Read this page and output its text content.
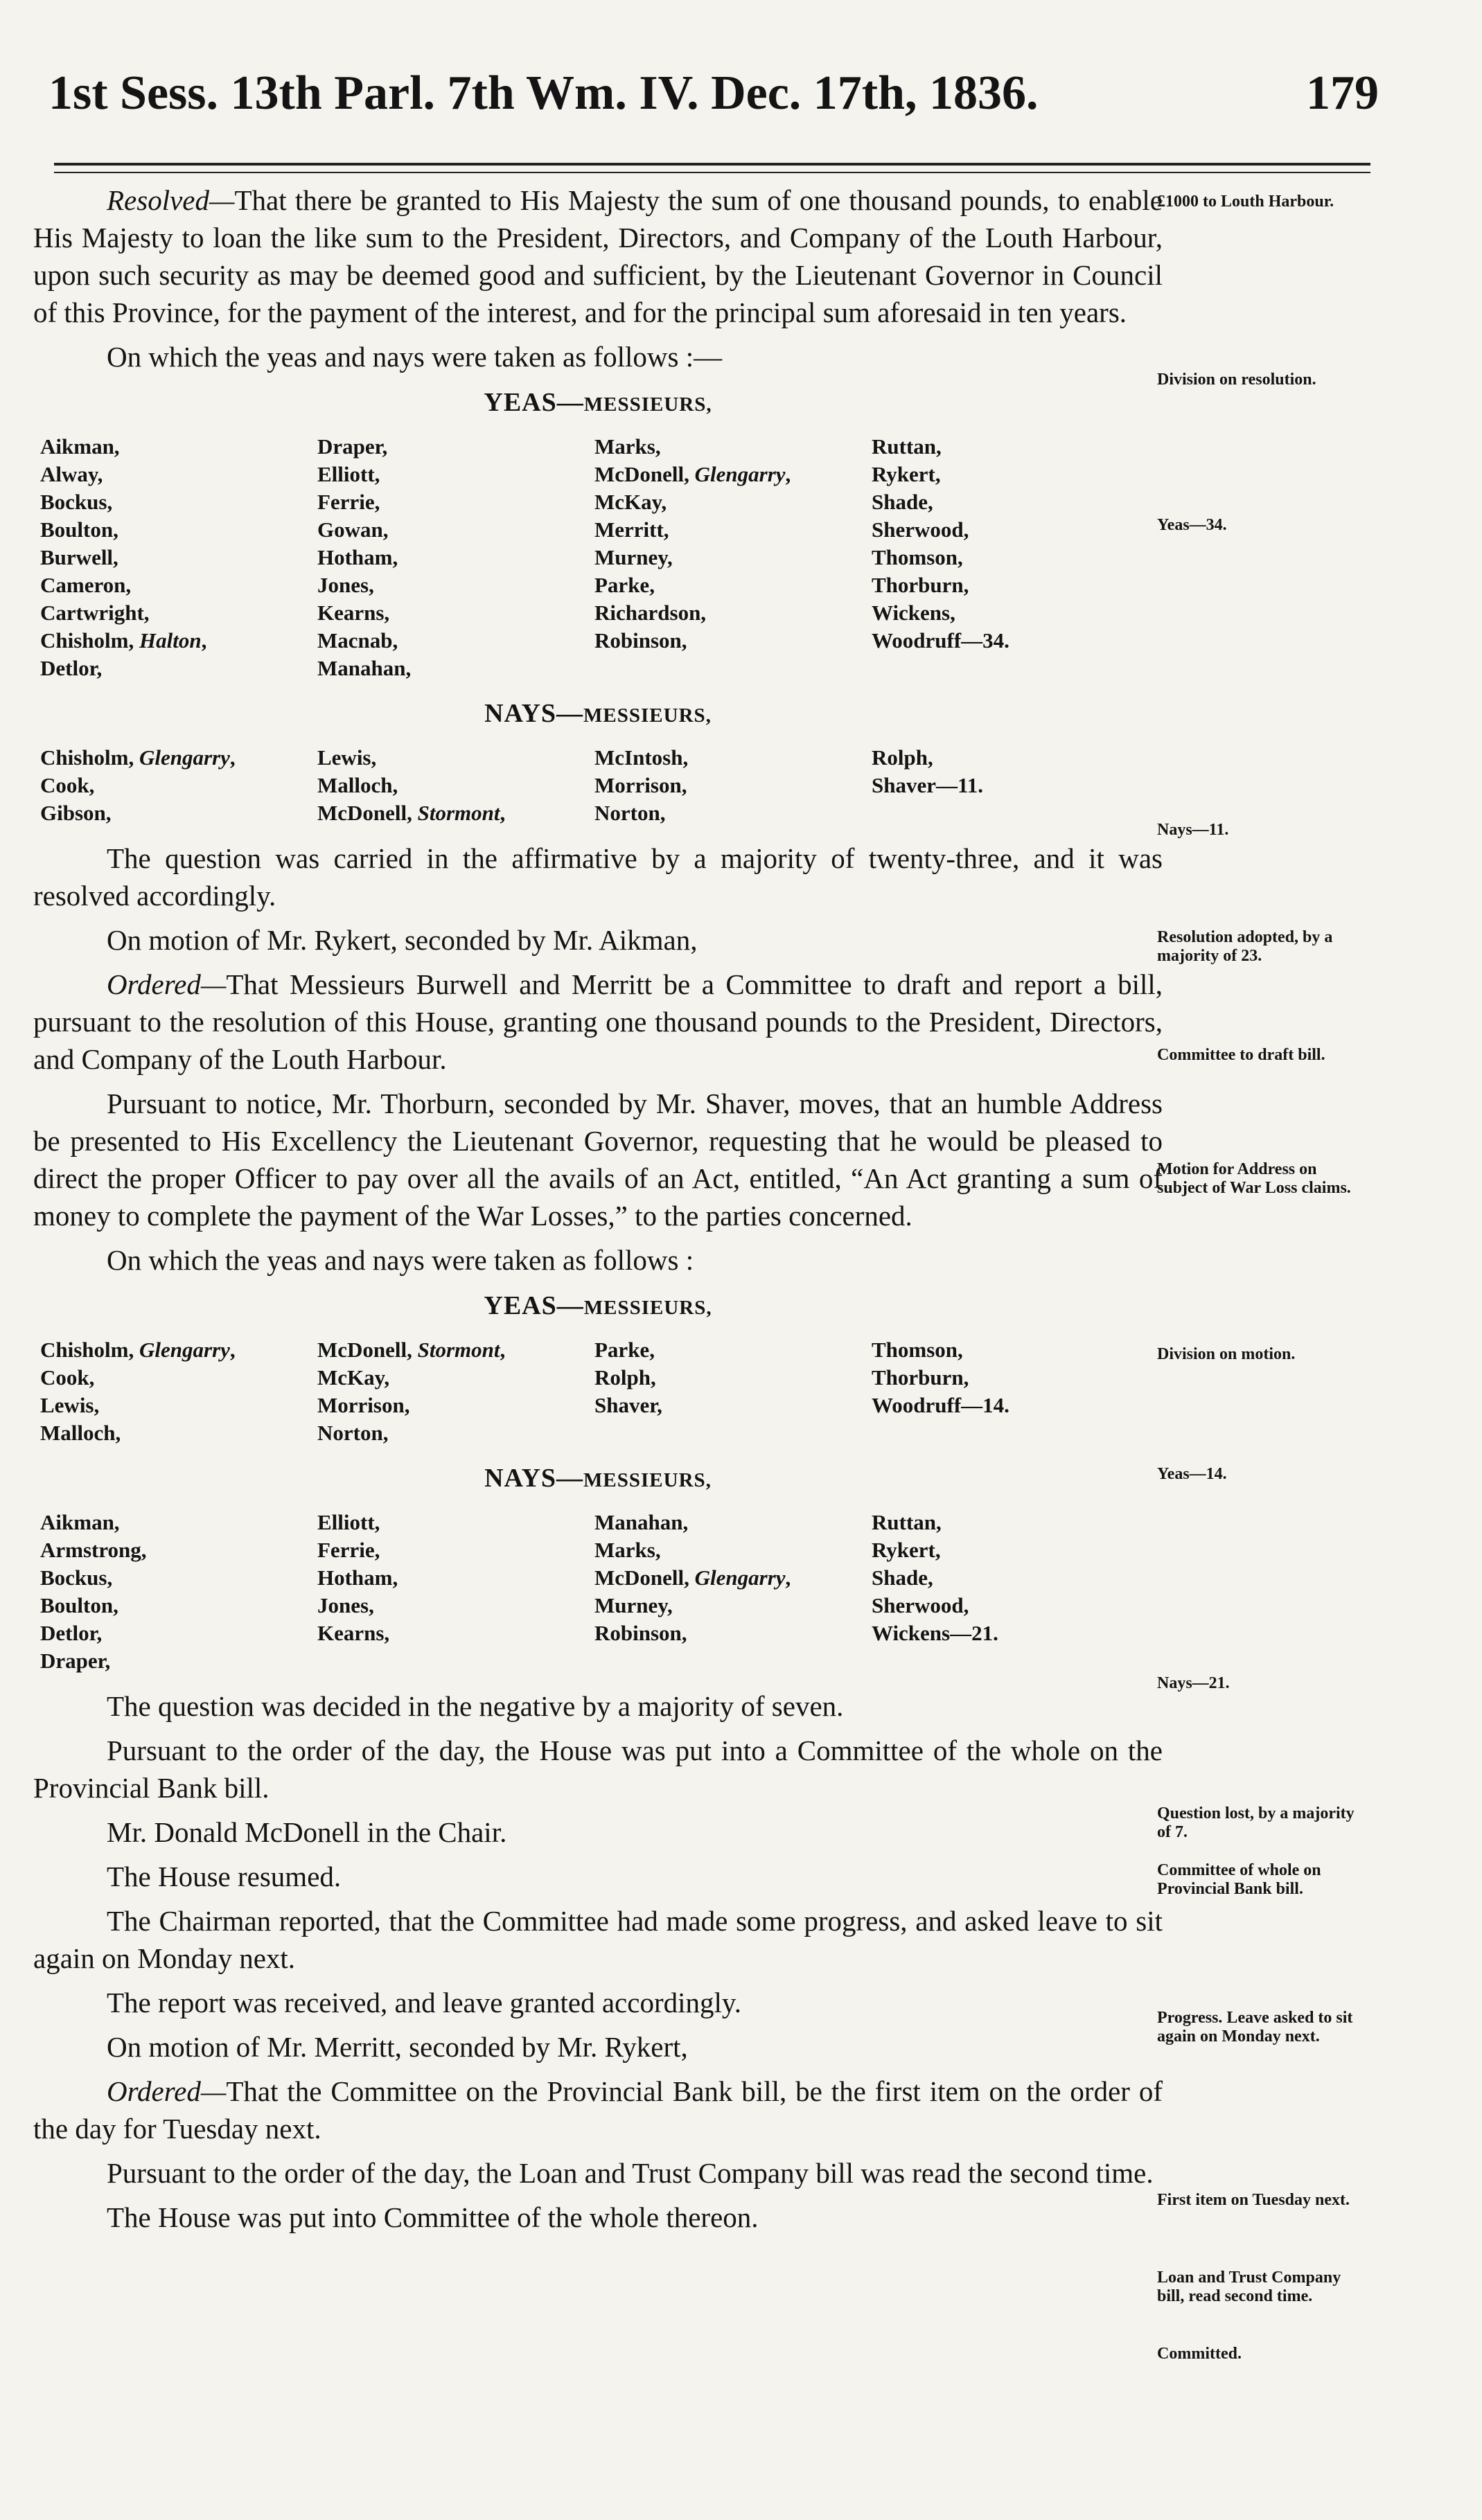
1st Sess. 13th Parl. 7th Wm. IV. Dec. 17th, 1836.	179

Resolved—That there be granted to His Majesty the sum of one thousand pounds, to enable His Majesty to loan the like sum to the President, Directors, and Company of the Louth Harbour, upon such security as may be deemed good and sufficient, by the Lieutenant Governor in Council of this Province, for the payment of the interest, and for the principal sum aforesaid in ten years.

On which the yeas and nays were taken as follows :—

YEAS—MESSIEURS,
Aikman,	Draper,	Marks,	Ruttan,
Alway,	Elliott,	McDonell, Glengarry,	Rykert,
Bockus,	Ferrie,	McKay,	Shade,
Boulton,	Gowan,	Merritt,	Sherwood,
Burwell,	Hotham,	Murney,	Thomson,
Cameron,	Jones,	Parke,	Thorburn,
Cartwright,	Kearns,	Richardson,	Wickens,
Chisholm, Halton,	Macnab,	Robinson,	Woodruff—34.
Detlor,	Manahan,		
NAYS—MESSIEURS,
Chisholm, Glengarry,	Lewis,	McIntosh,	Rolph,
Cook,	Malloch,	Morrison,	Shaver—11.
Gibson,	McDonell, Stormont,	Norton,	

The question was carried in the affirmative by a majority of twenty-three, and it was resolved accordingly.

On motion of Mr. Rykert, seconded by Mr. Aikman,

Ordered—That Messieurs Burwell and Merritt be a Committee to draft and report a bill, pursuant to the resolution of this House, granting one thousand pounds to the President, Directors, and Company of the Louth Harbour.

Pursuant to notice, Mr. Thorburn, seconded by Mr. Shaver, moves, that an humble Address be presented to His Excellency the Lieutenant Governor, requesting that he would be pleased to direct the proper Officer to pay over all the avails of an Act, entitled, “An Act granting a sum of money to complete the payment of the War Losses,” to the parties concerned.

On which the yeas and nays were taken as follows :

YEAS—MESSIEURS,
Chisholm, Glengarry,	McDonell, Stormont,	Parke,	Thomson,
Cook,	McKay,	Rolph,	Thorburn,
Lewis,	Morrison,	Shaver,	Woodruff—14.
Malloch,	Norton,		
NAYS—MESSIEURS,
Aikman,	Elliott,	Manahan,	Ruttan,
Armstrong,	Ferrie,	Marks,	Rykert,
Bockus,	Hotham,	McDonell, Glengarry,	Shade,
Boulton,	Jones,	Murney,	Sherwood,
Detlor,	Kearns,	Robinson,	Wickens—21.
Draper,			

The question was decided in the negative by a majority of seven.

Pursuant to the order of the day, the House was put into a Committee of the whole on the Provincial Bank bill.

Mr. Donald McDonell in the Chair.

The House resumed.

The Chairman reported, that the Committee had made some progress, and asked leave to sit again on Monday next.

The report was received, and leave granted accordingly.

On motion of Mr. Merritt, seconded by Mr. Rykert,

Ordered—That the Committee on the Provincial Bank bill, be the first item on the order of the day for Tuesday next.

Pursuant to the order of the day, the Loan and Trust Company bill was read the second time.

The House was put into Committee of the whole thereon.

£1000 to Louth Harbour.
Division on resolution.
Yeas—34.
Nays—11.
Resolution adopted, by a majority of 23.
Committee to draft bill.
Motion for Address on subject of War Loss claims.
Division on motion.
Yeas—14.
Nays—21.
Question lost, by a majority of 7.
Committee of whole on Provincial Bank bill.
Progress. Leave asked to sit again on Monday next.
First item on Tuesday next.
Loan and Trust Company bill, read second time.
Committed.
